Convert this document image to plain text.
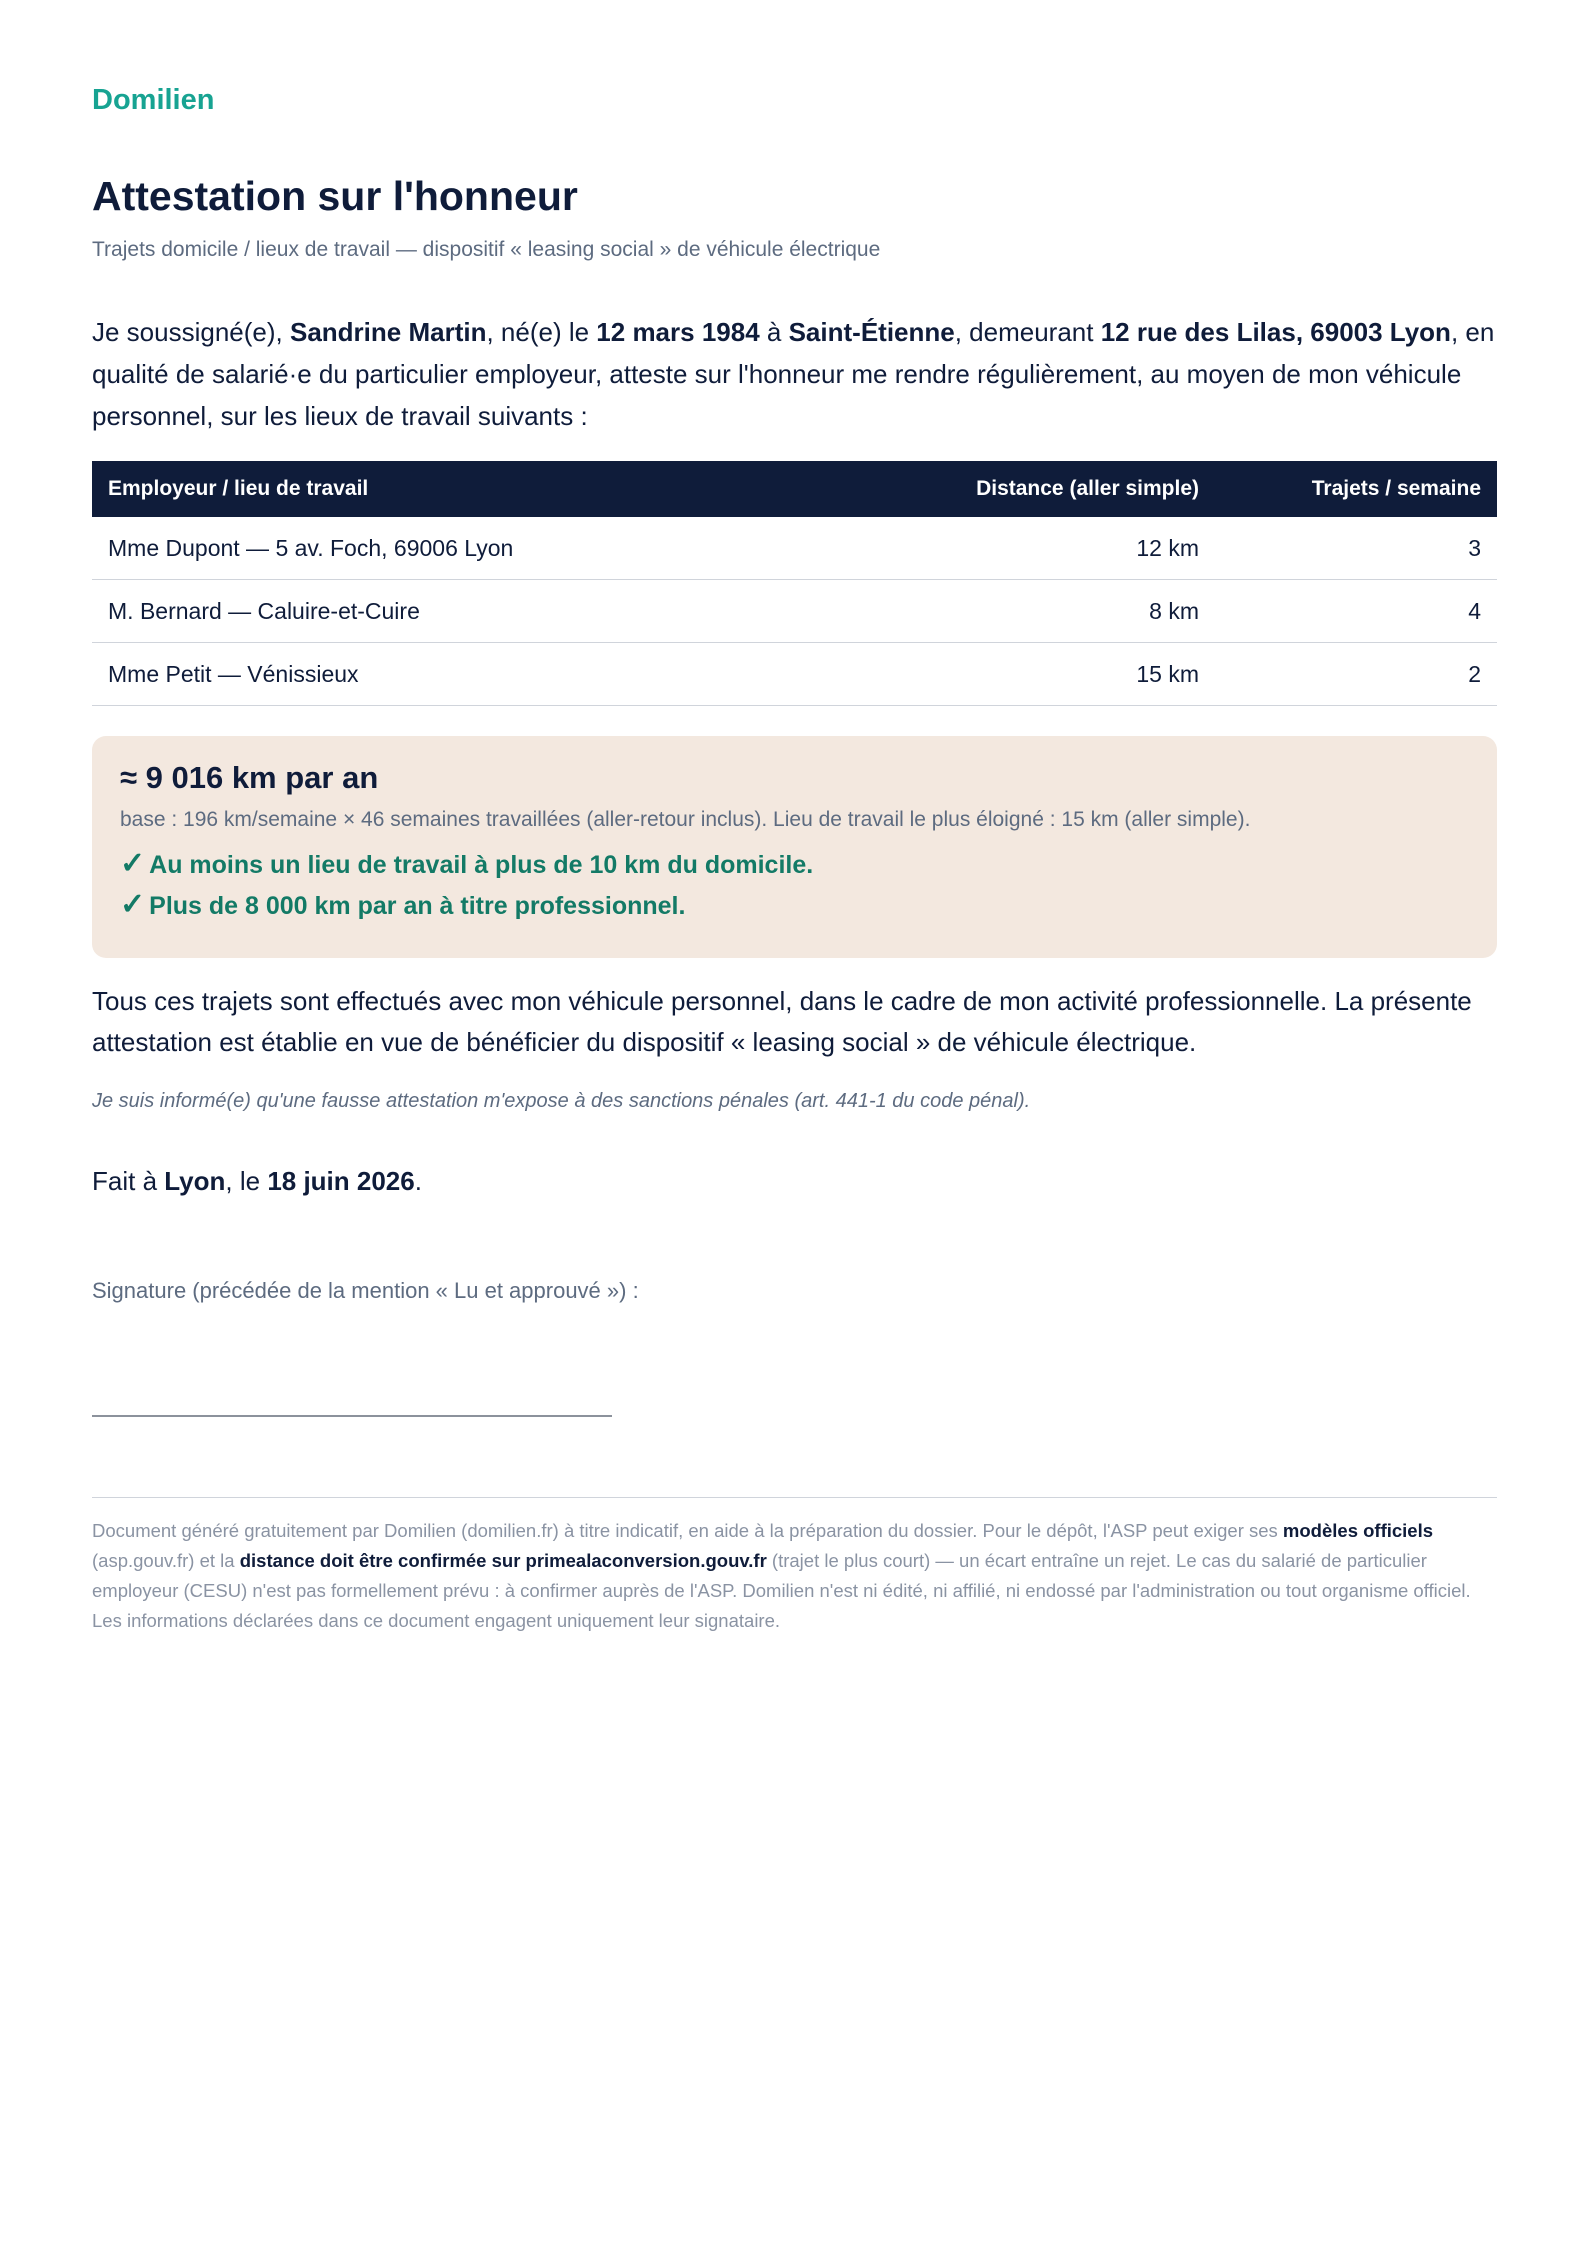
Domilien
Attestation sur l'honneur
Trajets domicile / lieux de travail — dispositif « leasing social » de véhicule électrique
Je soussigné(e), Sandrine Martin, né(e) le 12 mars 1984 à Saint-Étienne, demeurant 12 rue des Lilas, 69003 Lyon, en qualité de salarié·e du particulier employeur, atteste sur l'honneur me rendre régulièrement, au moyen de mon véhicule personnel, sur les lieux de travail suivants :
Employeur / lieu de travail	Distance (aller simple)	Trajets / semaine
Mme Dupont — 5 av. Foch, 69006 Lyon	12 km	3
M. Bernard — Caluire-et-Cuire	8 km	4
Mme Petit — Vénissieux	15 km	2
≈ 9 016 km par an
base : 196 km/semaine × 46 semaines travaillées (aller-retour inclus). Lieu de travail le plus éloigné : 15 km (aller simple).
✓ Au moins un lieu de travail à plus de 10 km du domicile.
✓ Plus de 8 000 km par an à titre professionnel.
Tous ces trajets sont effectués avec mon véhicule personnel, dans le cadre de mon activité professionnelle. La présente attestation est établie en vue de bénéficier du dispositif « leasing social » de véhicule électrique.
Je suis informé(e) qu'une fausse attestation m'expose à des sanctions pénales (art. 441-1 du code pénal).
Fait à Lyon, le 18 juin 2026.
Signature (précédée de la mention « Lu et approuvé ») :
Document généré gratuitement par Domilien (domilien.fr) à titre indicatif, en aide à la préparation du dossier. Pour le dépôt, l'ASP peut exiger ses modèles officiels (asp.gouv.fr) et la distance doit être confirmée sur primealaconversion.gouv.fr (trajet le plus court) — un écart entraîne un rejet. Le cas du salarié de particulier employeur (CESU) n'est pas formellement prévu : à confirmer auprès de l'ASP. Domilien n'est ni édité, ni affilié, ni endossé par l'administration ou tout organisme officiel. Les informations déclarées dans ce document engagent uniquement leur signataire.
